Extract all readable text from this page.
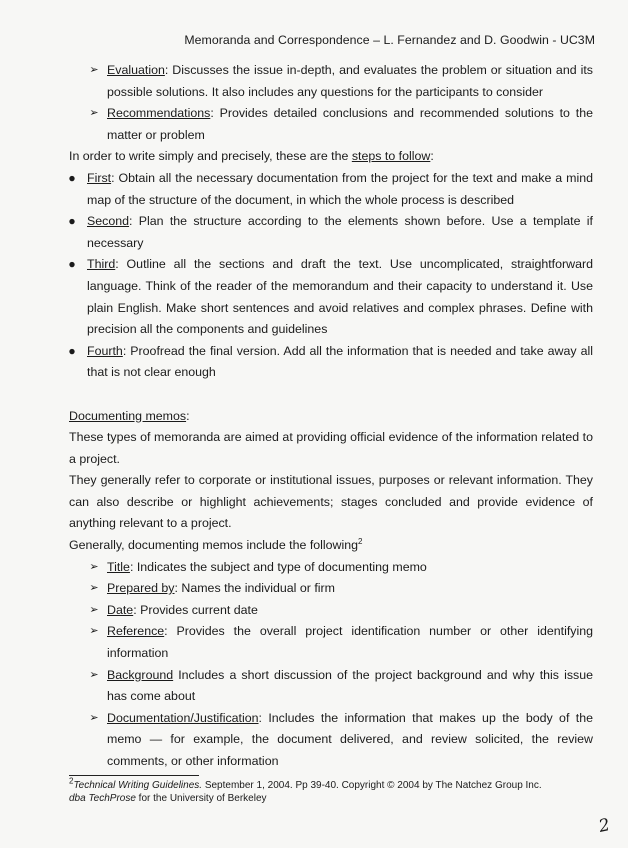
Memoranda and Correspondence – L. Fernandez and D. Goodwin - UC3M
➢ Evaluation: Discusses the issue in-depth, and evaluates the problem or situation and its possible solutions. It also includes any questions for the participants to consider
➢ Recommendations: Provides detailed conclusions and recommended solutions to the matter or problem

In order to write simply and precisely, these are the steps to follow:

● First: Obtain all the necessary documentation from the project for the text and make a mind map of the structure of the document, in which the whole process is described
● Second: Plan the structure according to the elements shown before. Use a template if necessary
● Third: Outline all the sections and draft the text. Use uncomplicated, straightforward language. Think of the reader of the memorandum and their capacity to understand it. Use plain English. Make short sentences and avoid relatives and complex phrases. Define with precision all the components and guidelines
● Fourth: Proofread the final version. Add all the information that is needed and take away all that is not clear enough

Documenting memos:

These types of memoranda are aimed at providing official evidence of the information related to a project.

They generally refer to corporate or institutional issues, purposes or relevant information. They can also describe or highlight achievements; stages concluded and provide evidence of anything relevant to a project.

Generally, documenting memos include the following$^2$

➢ Title: Indicates the subject and type of documenting memo
➢ Prepared by: Names the individual or firm
➢ Date: Provides current date
➢ Reference: Provides the overall project identification number or other identifying information
➢ Background Includes a short discussion of the project background and why this issue has come about
➢ Documentation/Justification: Includes the information that makes up the body of the memo — for example, the document delivered, and review solicited, the review comments, or other information
$^2$Technical Writing Guidelines. September 1, 2004. Pp 39-40. Copyright © 2004 by The Natchez Group Inc.
dba TechProse for the University of Berkeley
2
